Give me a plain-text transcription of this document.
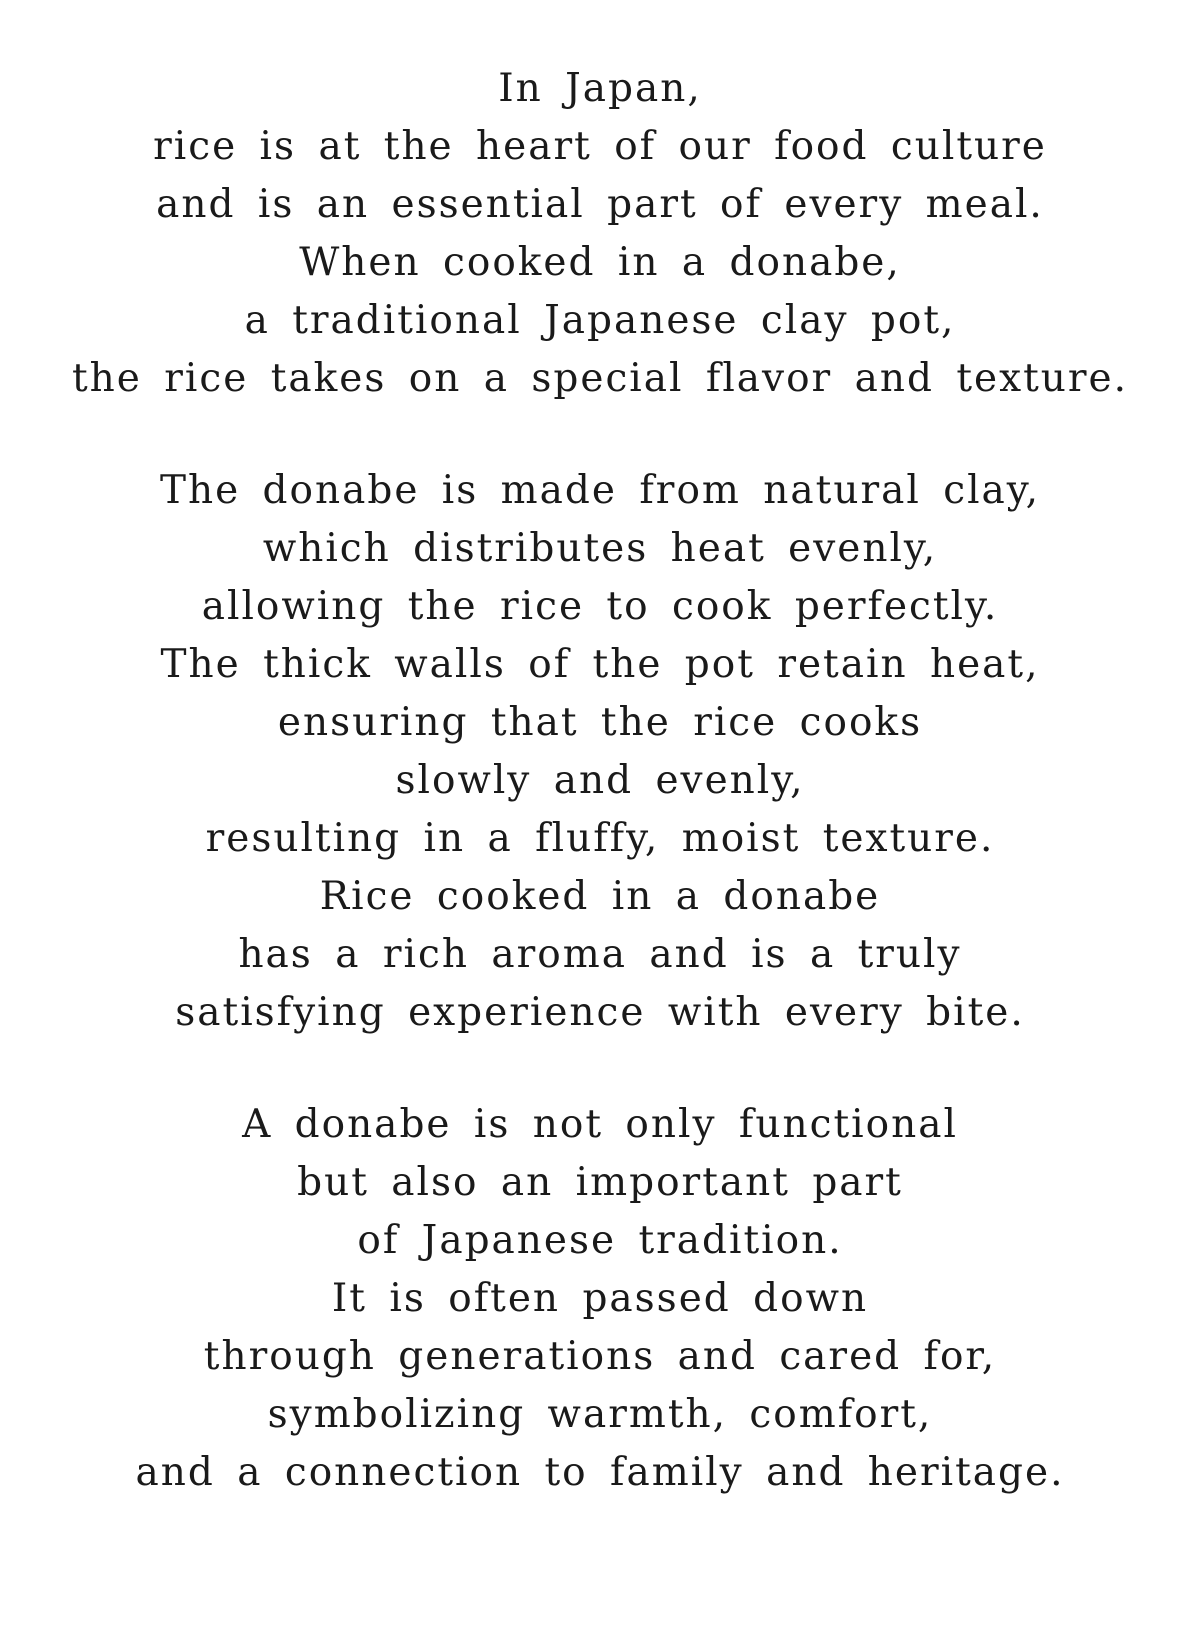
In Japan,
rice is at the heart of our food culture
and is an essential part of every meal.
When cooked in a donabe,
a traditional Japanese clay pot,
the rice takes on a special flavor and texture.
The donabe is made from natural clay,
which distributes heat evenly,
allowing the rice to cook perfectly.
The thick walls of the pot retain heat,
ensuring that the rice cooks
slowly and evenly,
resulting in a fluffy, moist texture.
Rice cooked in a donabe
has a rich aroma and is a truly
satisfying experience with every bite.
A donabe is not only functional
but also an important part
of Japanese tradition.
It is often passed down
through generations and cared for,
symbolizing warmth, comfort,
and a connection to family and heritage.
